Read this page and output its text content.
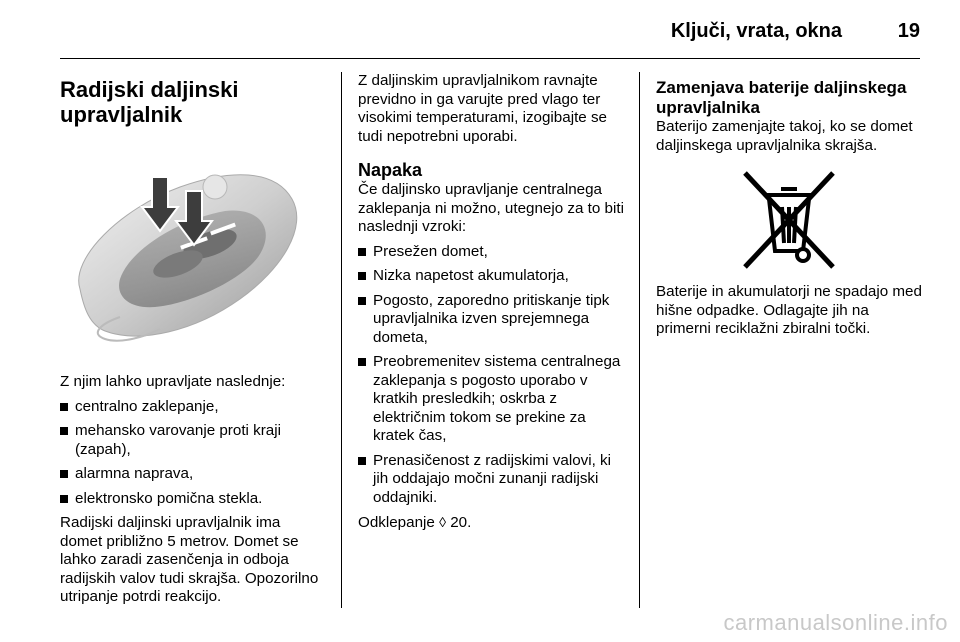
Ključi, vrata, okna	19
Radijski daljinski upravljalnik

Z njim lahko upravljate naslednje:

centralno zaklepanje,
mehansko varovanje proti kraji (zapah),
alarmna naprava,
elektronsko pomična stekla.

Radijski daljinski upravljalnik ima domet približno 5 metrov. Domet se lahko zaradi zasenčenja in odboja radijskih valov tudi skrajša. Opozorilno utripanje potrdi reakcijo.

Z daljinskim upravljalnikom ravnajte previdno in ga varujte pred vlago ter visokimi temperaturami, izogibajte se tudi nepotrebni uporabi.

Napaka

Če daljinsko upravljanje centralnega zaklepanja ni možno, utegnejo za to biti naslednji vzroki:

Presežen domet,
Nizka napetost akumulatorja,
Pogosto, zaporedno pritiskanje tipk upravljalnika izven sprejemnega dometa,
Preobremenitev sistema centralnega zaklepanja s pogosto uporabo v kratkih presledkih; oskrba z električnim tokom se prekine za kratek čas,
Prenasičenost z radijskimi valovi, ki jih oddajajo močni zunanji radijski oddajniki.

Odklepanje ◊ 20.

Zamenjava baterije daljinskega upravljalnika

Baterijo zamenjajte takoj, ko se domet daljinskega upravljalnika skrajša.

Baterije in akumulatorji ne spadajo med hišne odpadke. Odlagajte jih na primerni reciklažni zbiralni točki.

carmanualsonline.info
